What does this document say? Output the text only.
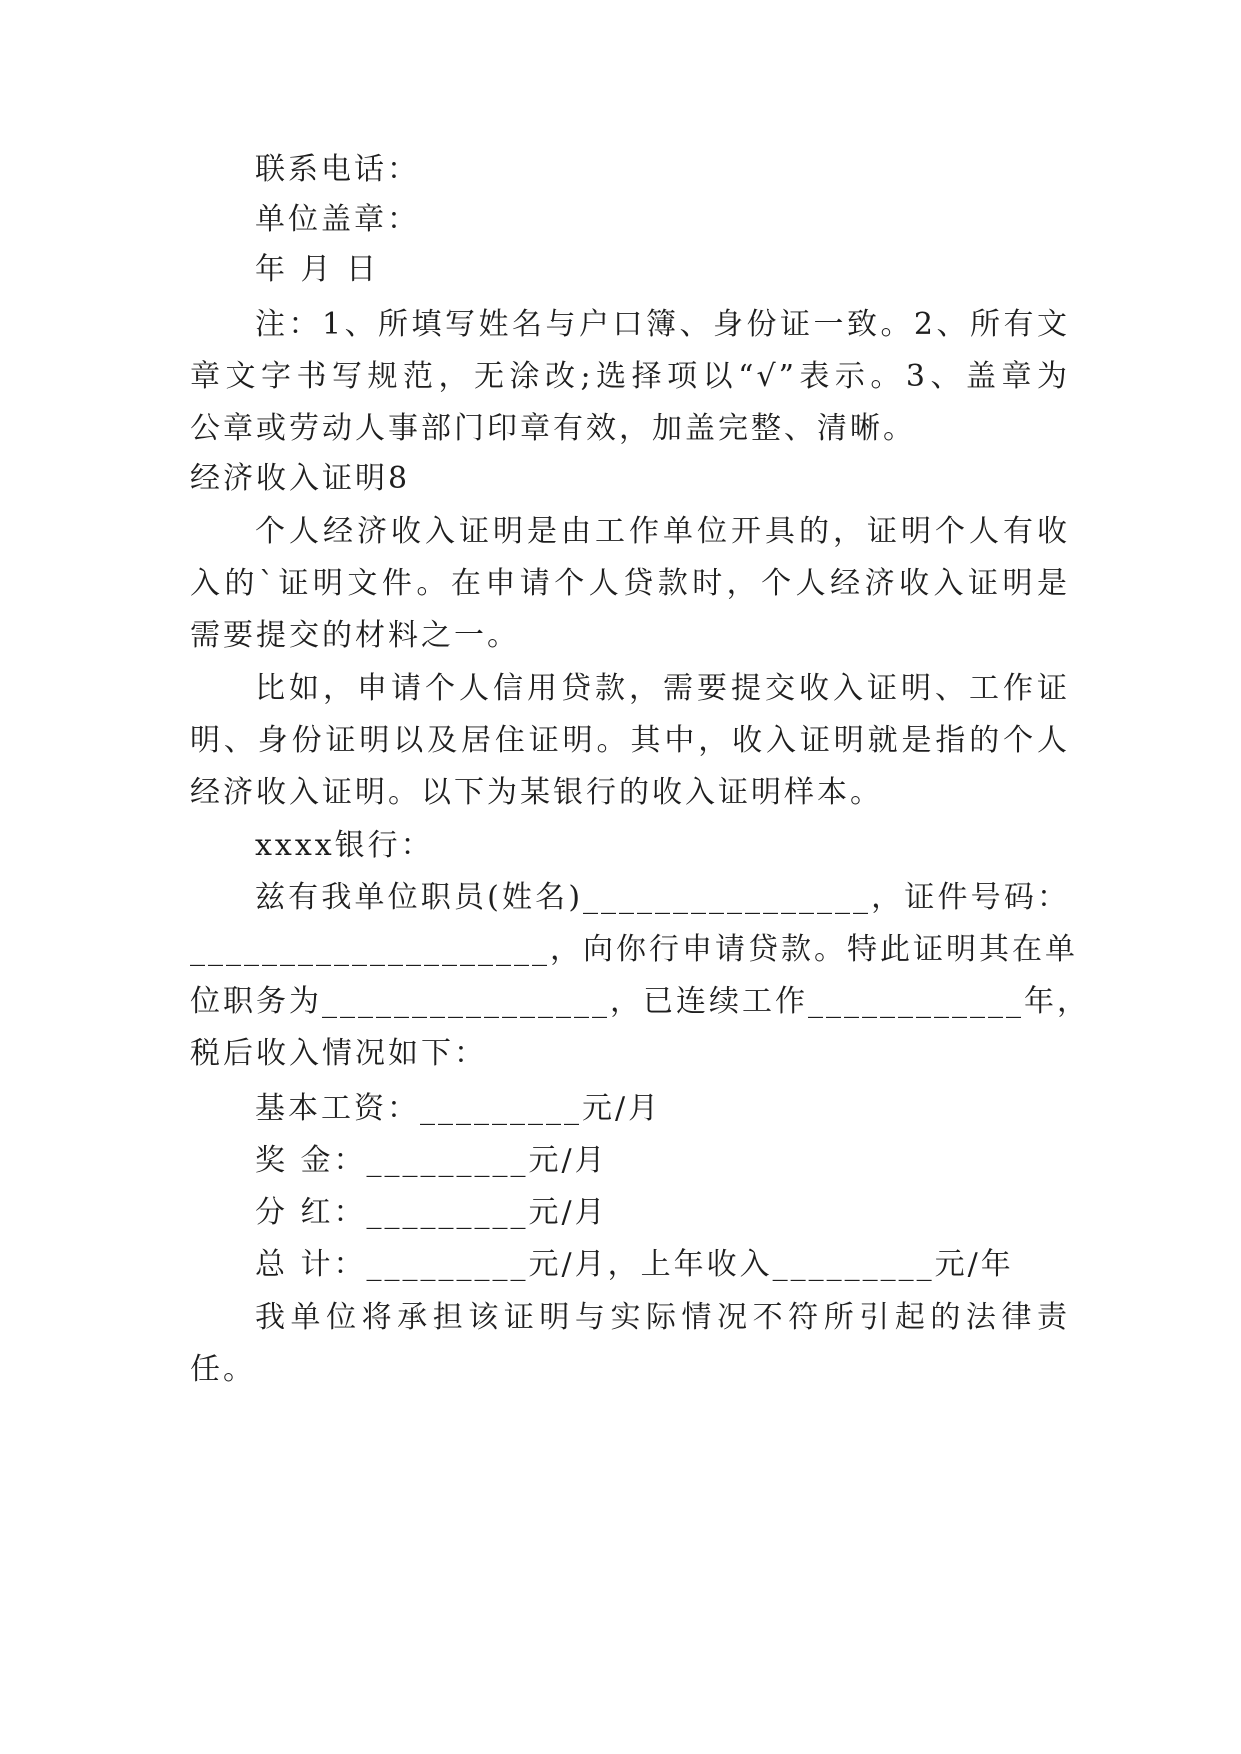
联系电话：
单位盖章：
年 月 日
注：1、所填写姓名与户口簿、身份证一致。2、所有文
章文字书写规范，无涂改;选择项以“√”表示。3、盖章为
公章或劳动人事部门印章有效，加盖完整、清晰。
经济收入证明8
个人经济收入证明是由工作单位开具的，证明个人有收
入的`证明文件。在申请个人贷款时，个人经济收入证明是
需要提交的材料之一。
比如，申请个人信用贷款，需要提交收入证明、工作证
明、身份证明以及居住证明。其中，收入证明就是指的个人
经济收入证明。以下为某银行的收入证明样本。
xxxx银行：
兹有我单位职员(姓名)________________，证件号码：
____________________，向你行申请贷款。特此证明其在单
位职务为________________，已连续工作____________年，
税后收入情况如下：
基本工资：_________元/月
奖 金：_________元/月
分 红：_________元/月
总 计：_________元/月，上年收入_________元/年
我单位将承担该证明与实际情况不符所引起的法律责
任。
